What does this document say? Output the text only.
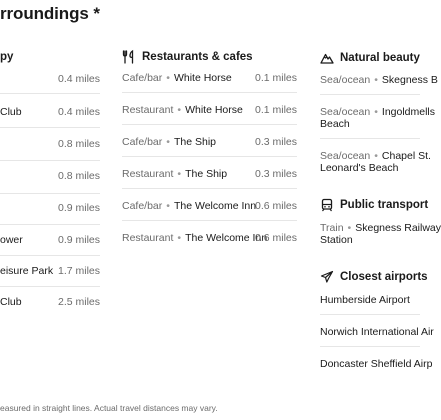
rroundings *
py
0.4 miles
Club	0.4 miles
0.8 miles
0.8 miles
0.9 miles
ower	0.9 miles
eisure Park 1.7 miles
Club	2.5 miles
Restaurants & cafes
Cafe/bar • White Horse 0.1 miles
Restaurant • White Horse 0.1 miles
Cafe/bar • The Ship	0.3 miles
Restaurant • The Ship	0.3 miles
Cafe/bar • The Welcome Inn
0.6 miles
Restaurant • The Welcome Inn
0.6 miles
Natural beauty
Sea/ocean • Skegness B
Sea/ocean • Ingoldmells
Beach
Sea/ocean • Chapel St.
Leonard's Beach
Public transport
Train • Skegness Railway
Station
Closest airports
Humberside Airport
Norwich International Air
Doncaster Sheffield Airp
easured in straight lines. Actual travel distances may vary.
